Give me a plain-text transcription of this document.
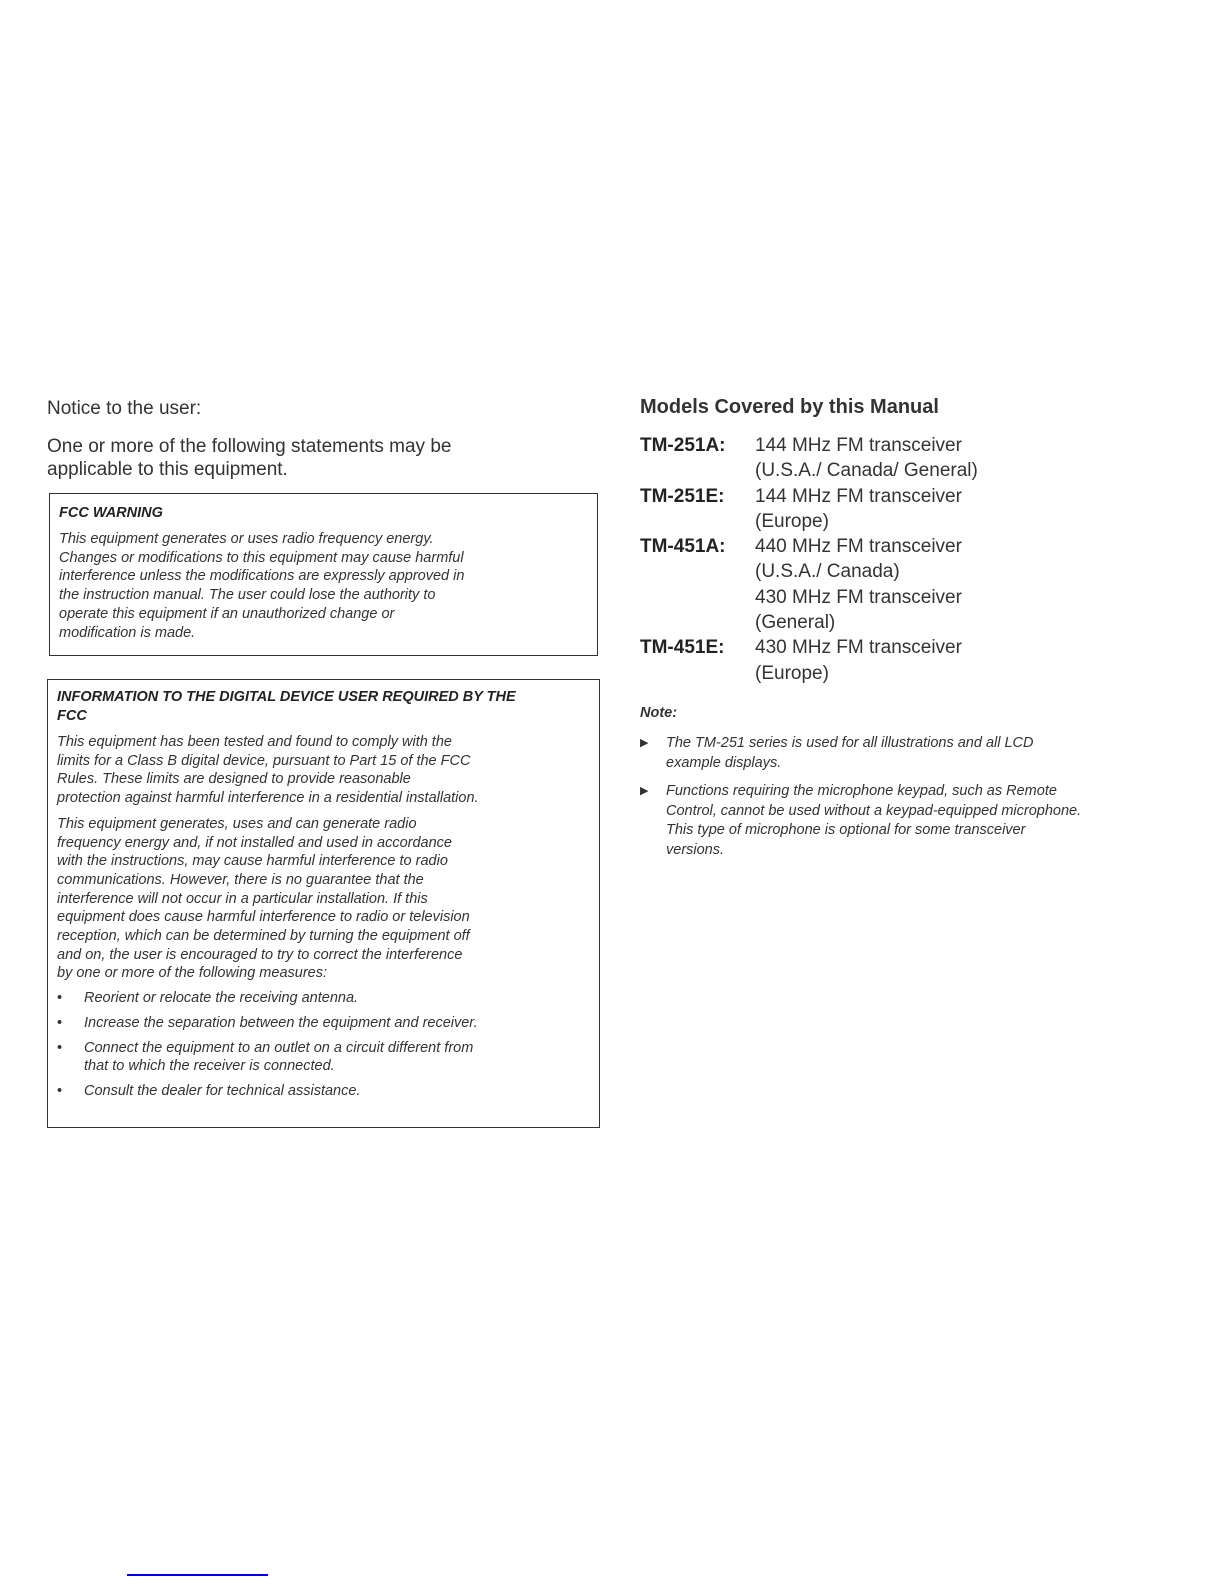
Notice to the user:
One or more of the following statements may be
applicable to this equipment.
FCC WARNING
This equipment generates or uses radio frequency energy.
Changes or modifications to this equipment may cause harmful
interference unless the modifications are expressly approved in
the instruction manual. The user could lose the authority to
operate this equipment if an unauthorized change or
modification is made.
INFORMATION TO THE DIGITAL DEVICE USER REQUIRED BY THE
FCC
This equipment has been tested and found to comply with the
limits for a Class B digital device, pursuant to Part 15 of the FCC
Rules. These limits are designed to provide reasonable
protection against harmful interference in a residential installation.
This equipment generates, uses and can generate radio
frequency energy and, if not installed and used in accordance
with the instructions, may cause harmful interference to radio
communications. However, there is no guarantee that the
interference will not occur in a particular installation. If this
equipment does cause harmful interference to radio or television
reception, which can be determined by turning the equipment off
and on, the user is encouraged to try to correct the interference
by one or more of the following measures:
•	Reorient or relocate the receiving antenna.
•	Increase the separation between the equipment and receiver.
•	Connect the equipment to an outlet on a circuit different from
that to which the receiver is connected.
•	Consult the dealer for technical assistance.
Models Covered by this Manual
TM-251A:	144 MHz FM transceiver
(U.S.A./ Canada/ General)
TM-251E:	144 MHz FM transceiver
(Europe)
TM-451A:	440 MHz FM transceiver
(U.S.A./ Canada)
430 MHz FM transceiver
(General)
TM-451E:	430 MHz FM transceiver
(Europe)
Note:
▶	The TM-251 series is used for all illustrations and all LCD
example displays.
▶	Functions requiring the microphone keypad, such as Remote
Control, cannot be used without a keypad-equipped microphone.
This type of microphone is optional for some transceiver
versions.
